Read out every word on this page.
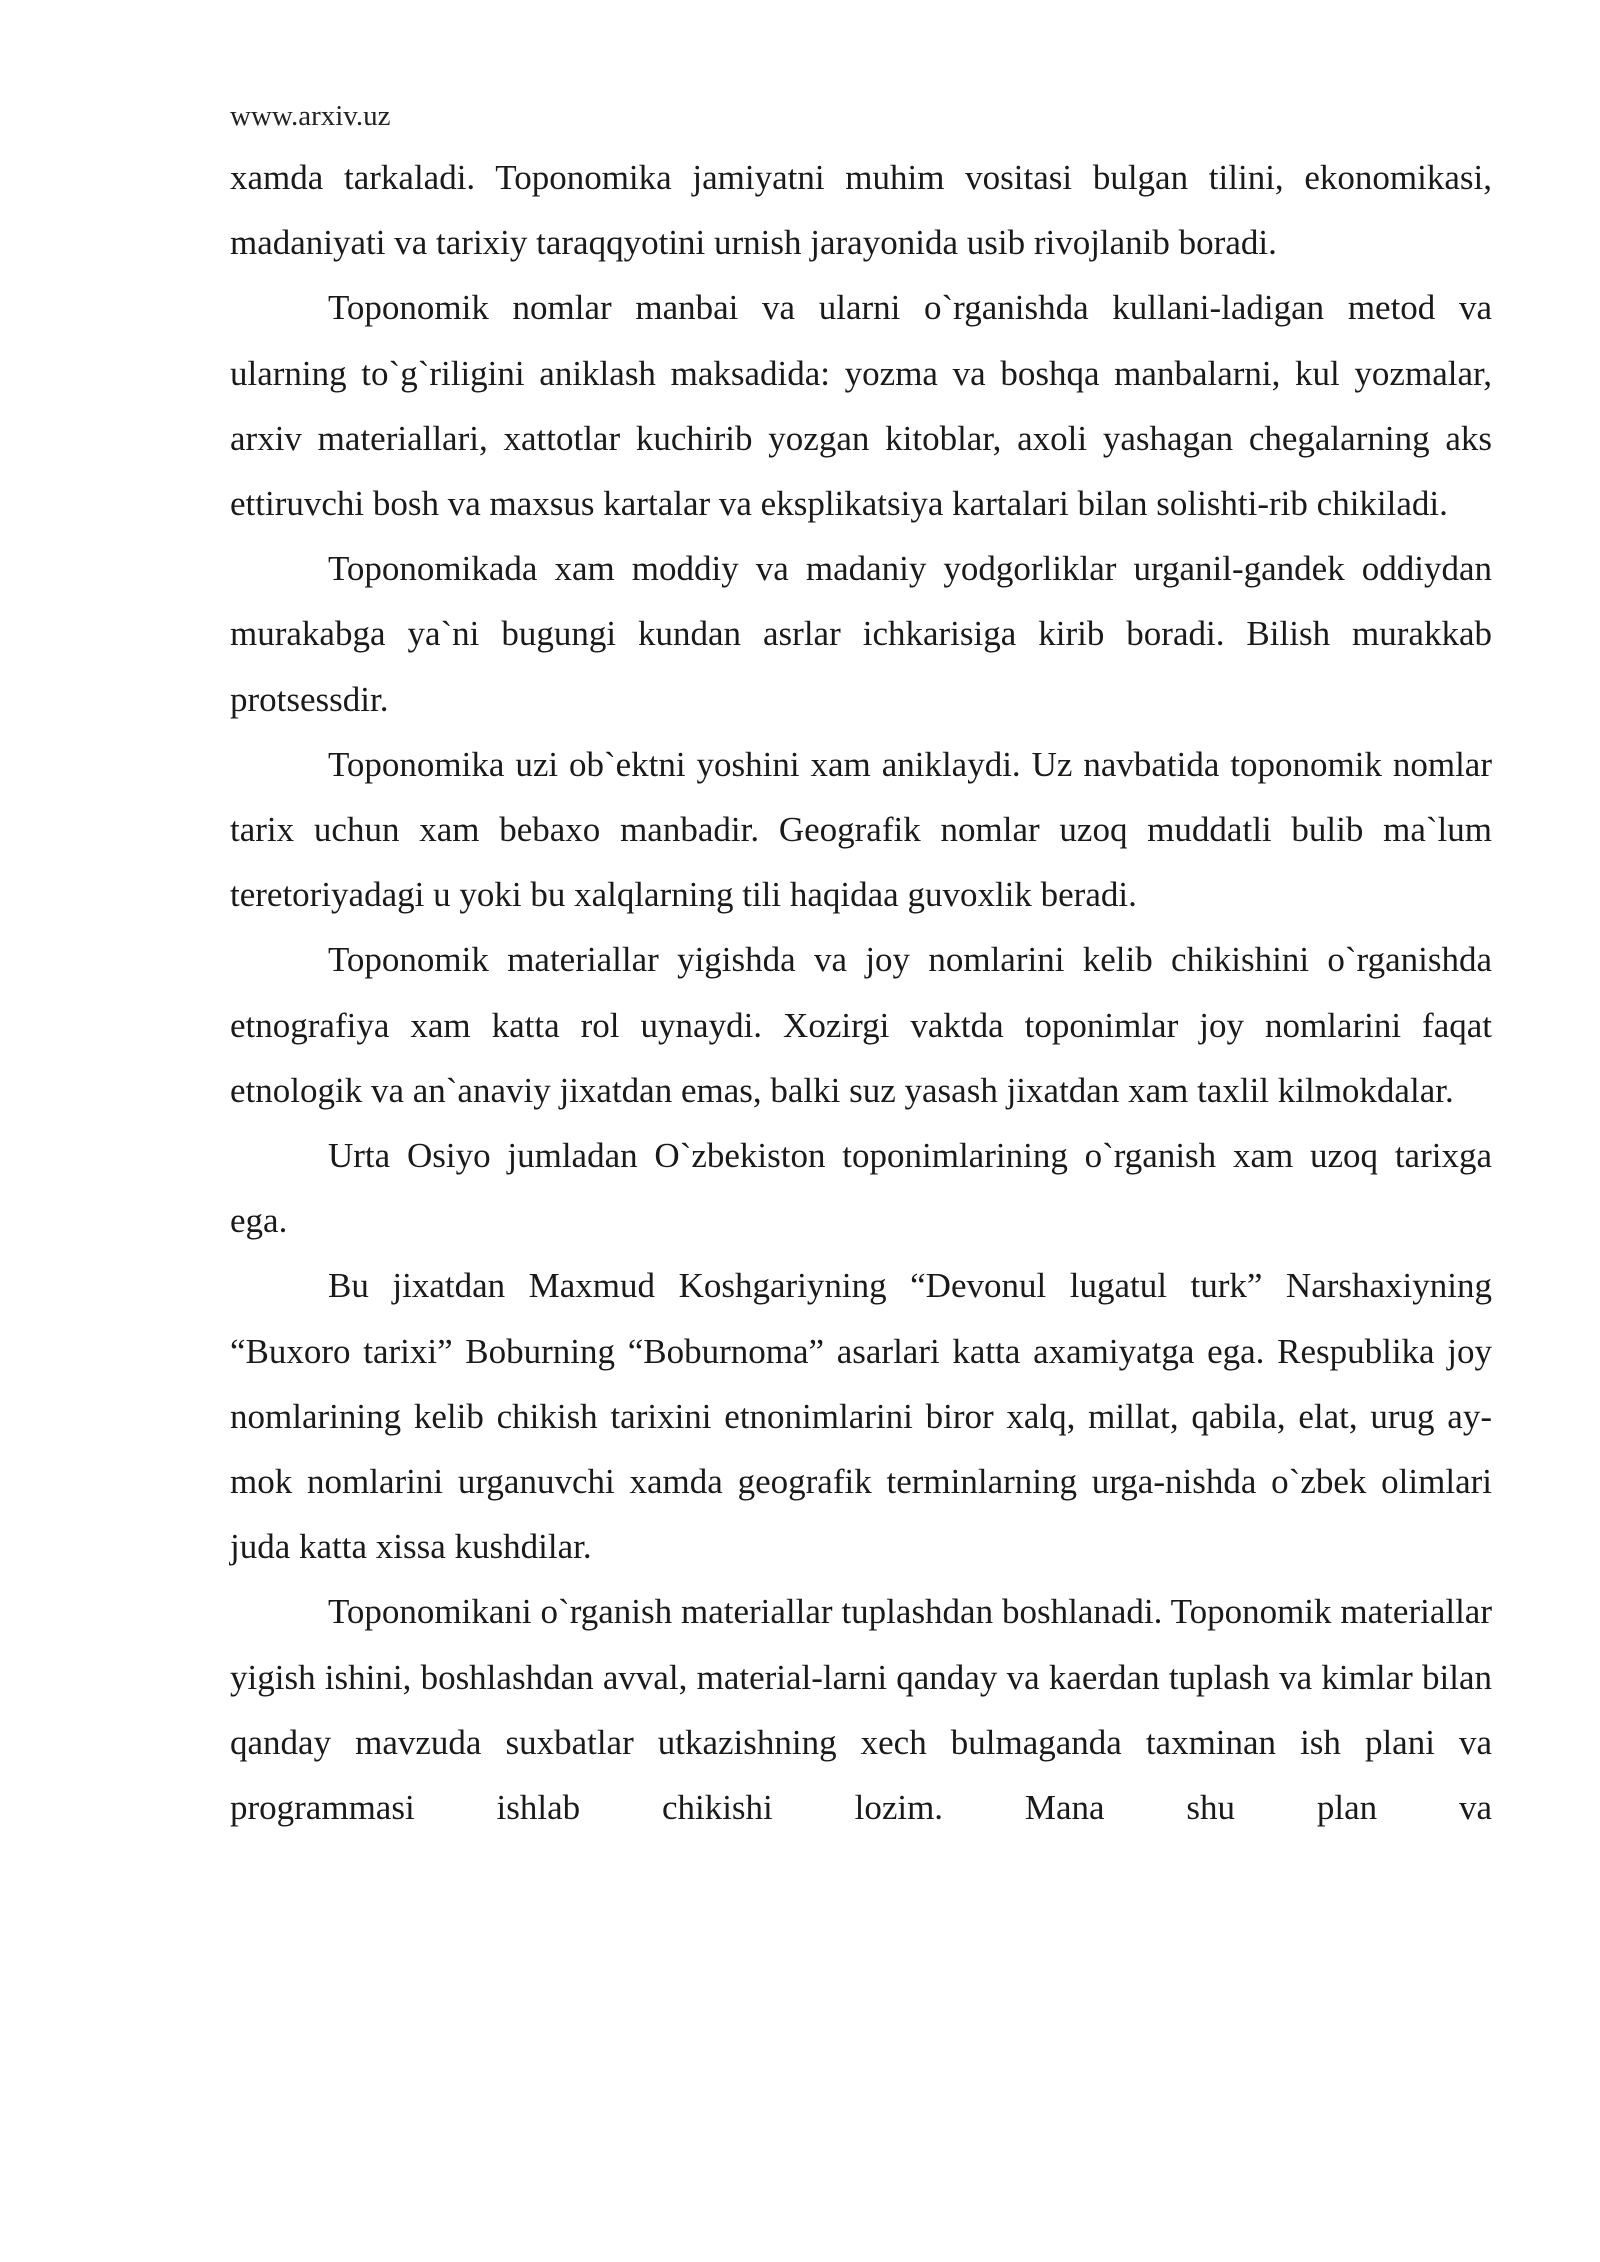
www.arxiv.uz

xamda tarkaladi. Toponomika jamiyatni muhim vositasi bulgan tilini, ekonomikasi, madaniyati va tarixiy taraqqyotini urnish jarayonida usib rivojlanib boradi.

Toponomik nomlar manbai va ularni o`rganishda kullani-ladigan metod va ularning to`g`riligini aniklash maksadida: yozma va boshqa manbalarni, kul yozmalar, arxiv materiallari, xattotlar kuchirib yozgan kitoblar, axoli yashagan chegalarning aks ettiruvchi bosh va maxsus kartalar va eksplikatsiya kartalari bilan solishti-rib chikiladi.

Toponomikada xam moddiy va madaniy yodgorliklar urganil-gandek oddiydan murakabga ya`ni bugungi kundan asrlar ichkarisiga kirib boradi. Bilish murakkab protsessdir.

Toponomika uzi ob`ektni yoshini xam aniklaydi. Uz navbatida toponomik nomlar tarix uchun xam bebaxo manbadir. Geografik nomlar uzoq muddatli bulib ma`lum teretoriyadagi u yoki bu xalqlarning tili haqidaa guvoxlik beradi.

Toponomik materiallar yigishda va joy nomlarini kelib chikishini o`rganishda etnografiya xam katta rol uynaydi. Xozirgi vaktda toponimlar joy nomlarini faqat etnologik va an`anaviy jixatdan emas, balki suz yasash jixatdan xam taxlil kilmokdalar.

Urta Osiyo jumladan O`zbekiston toponimlarining o`rganish xam uzoq tarixga ega.

Bu jixatdan Maxmud Koshgariyning “Devonul lugatul turk” Narshaxiyning “Buxoro tarixi” Boburning “Boburnoma” asarlari katta axamiyatga ega. Respublika joy nomlarining kelib chikish tarixini etnonimlarini biror xalq, millat, qabila, elat, urug ay-mok nomlarini urganuvchi xamda geografik terminlarning urga-nishda o`zbek olimlari juda katta xissa kushdilar.

Toponomikani o`rganish materiallar tuplashdan boshlanadi. Toponomik materiallar yigish ishini, boshlashdan avval, material-larni qanday va kaerdan tuplash va kimlar bilan qanday mavzuda suxbatlar utkazishning xech bulmaganda taxminan ish plani va programmasi ishlab chikishi lozim. Mana shu plan va
